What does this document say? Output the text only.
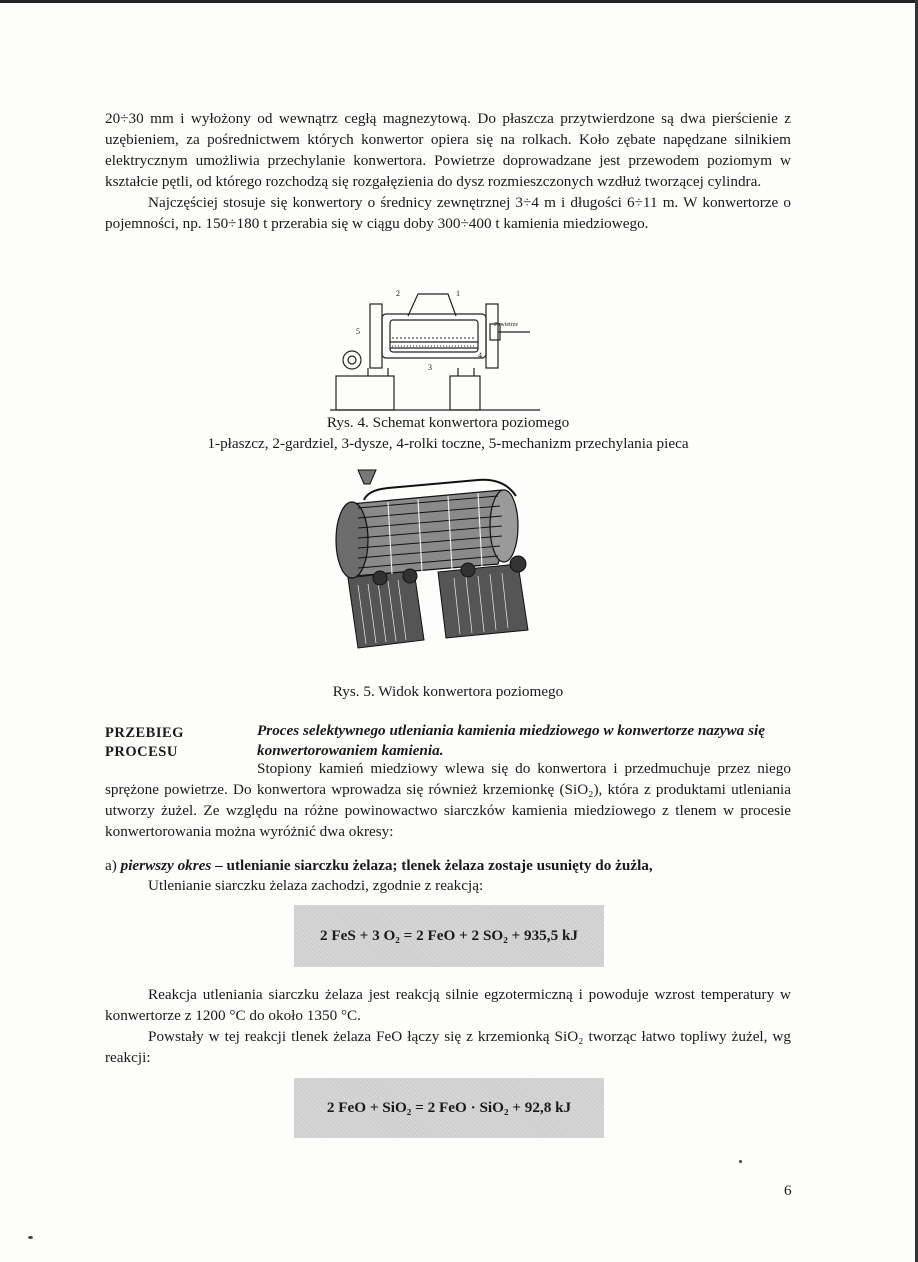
20÷30 mm i wyłożony od wewnątrz cegłą magnezytową. Do płaszcza przytwierdzone są dwa pierścienie z uzębieniem, za pośrednictwem których konwertor opiera się na rolkach. Koło zębate napędzane silnikiem elektrycznym umożliwia przechylanie konwertora. Powietrze doprowadzane jest przewodem poziomym w kształcie pętli, od którego rozchodzą się rozgałęzienia do dysz rozmieszczonych wzdłuż tworzącej cylindra.

Najczęściej stosuje się konwertory o średnicy zewnętrznej 3÷4 m i długości 6÷11 m. W konwertorze o pojemności, np. 150÷180 t przerabia się w ciągu doby 300÷400 t kamienia miedziowego.

2	1
5
3
4
Powietrze
Rys. 4. Schemat konwertora poziomego
1-płaszcz, 2-gardziel, 3-dysze, 4-rolki toczne, 5-mechanizm przechylania pieca
Rys. 5. Widok konwertora poziomego
PRZEBIEG
PROCESU
Proces selektywnego utleniania kamienia miedziowego w konwertorze nazywa się konwertorowaniem kamienia.

Stopiony kamień miedziowy wlewa się do konwertora i przedmuchuje przez niego sprężone powietrze. Do konwertora wprowadza się również krzemionkę (SiO₂), która z produktami utleniania utworzy żużel. Ze względu na różne powinowactwo siarczków kamienia miedziowego z tlenem w procesie konwertorowania można wyróżnić dwa okresy:

a) pierwszy okres – utlenianie siarczku żelaza; tlenek żelaza zostaje usunięty do żużla,

Utlenianie siarczku żelaza zachodzi, zgodnie z reakcją:

2 FeS + 3 O₂ = 2 FeO + 2 SO₂ + 935,5 kJ

Reakcja utleniania siarczku żelaza jest reakcją silnie egzotermiczną i powoduje wzrost temperatury w konwertorze z 1200 °C do około 1350 °C.

Powstały w tej reakcji tlenek żelaza FeO łączy się z krzemionką SiO₂ tworząc łatwo topliwy żużel, wg reakcji:

2 FeO + SiO₂ = 2 FeO · SiO₂ + 92,8 kJ
6
